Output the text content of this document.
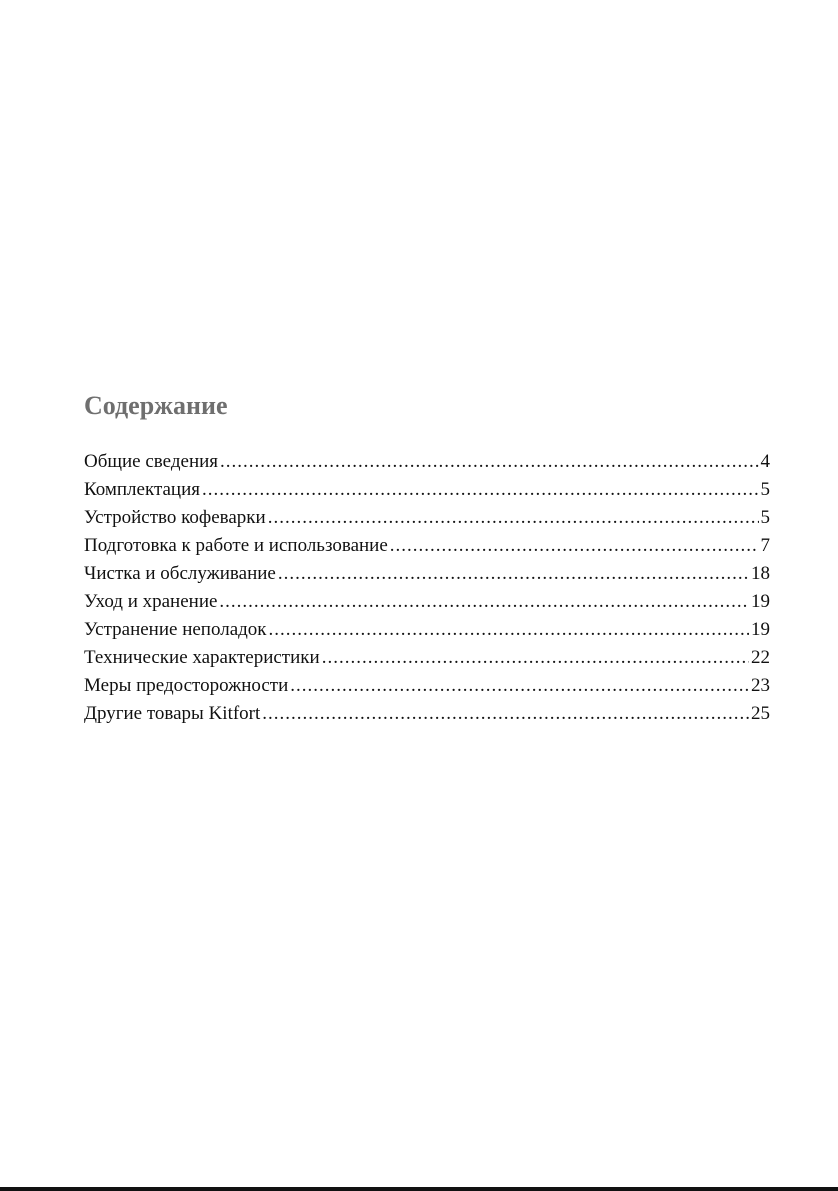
Содержание
Общие сведения .....	4
Комплектация .....	5
Устройство кофеварки .....	5
Подготовка к работе и использование .....	7
Чистка и обслуживание .....	18
Уход и хранение .....	19
Устранение неполадок .....	19
Технические характеристики .....	22
Меры предосторожности .....	23
Другие товары Kitfort .....	25
